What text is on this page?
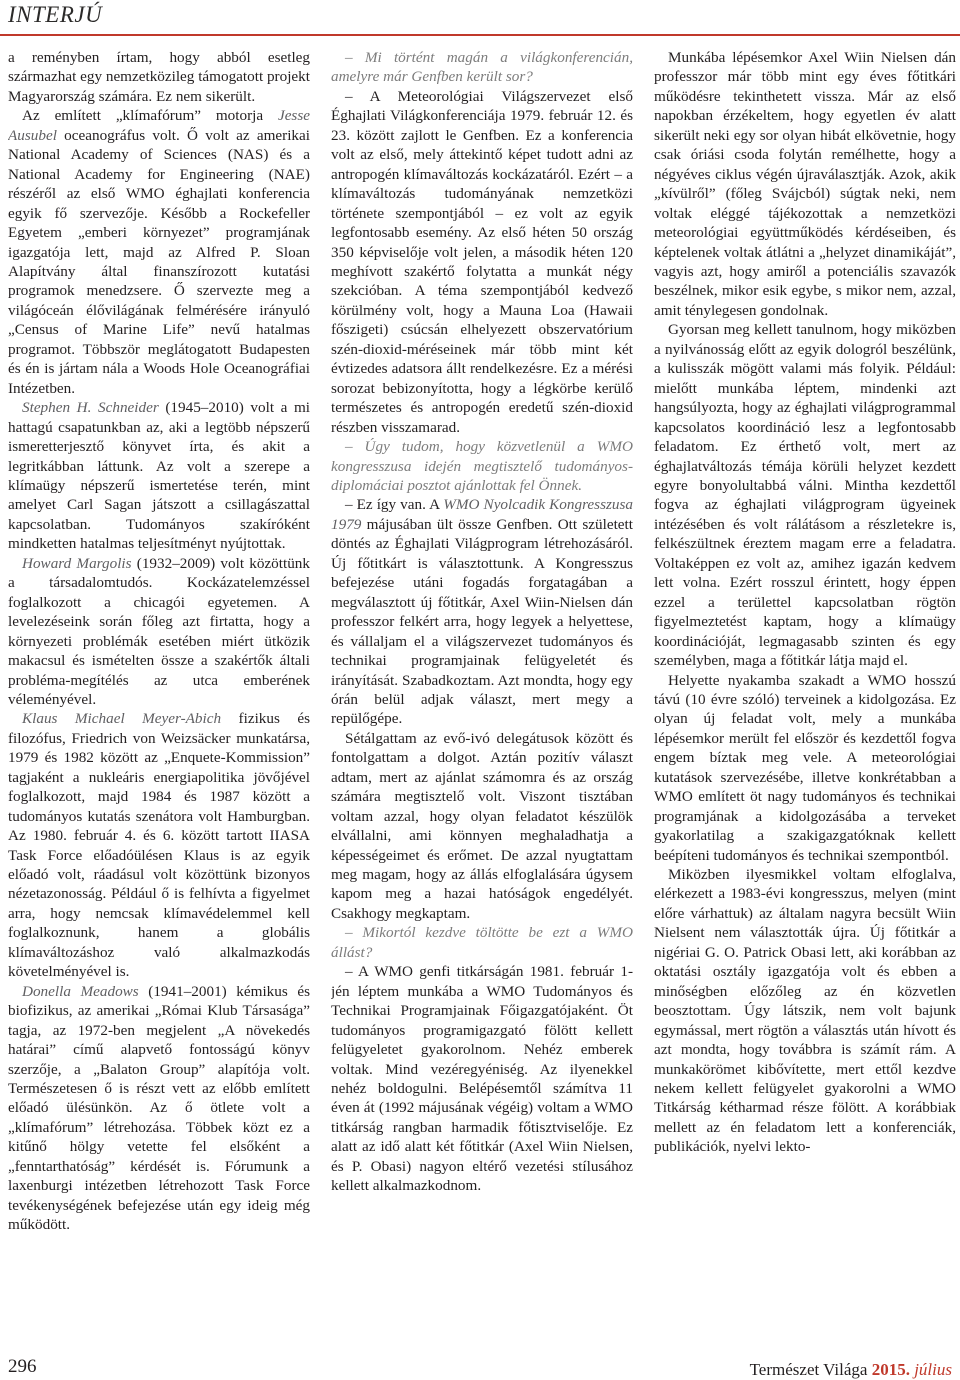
INTERJÚ

a reményben írtam, hogy abból esetleg származhat egy nemzetközileg támogatott projekt Magyarország számára. Ez nem sikerült.

Az említett „klímafórum” motorja Jesse Ausubel oceanográfus volt. Ő volt az amerikai National Academy of Sciences (NAS) és a National Academy for Engineering (NAE) részéről az első WMO éghajlati konferencia egyik fő szervezője. Később a Rockefeller Egyetem „emberi környezet” programjának igazgatója lett, majd az Alfred P. Sloan Alapítvány által finanszírozott kutatási programok menedzsere. Ő szervezte meg a világóceán élővilágának felmérésére irányuló „Census of Marine Life” nevű hatalmas programot. Többször meglátogatott Budapesten és én is jártam nála a Woods Hole Oceanográfiai Intézetben.

Stephen H. Schneider (1945–2010) volt a mi hattagú csapatunkban az, aki a legtöbb népszerű ismeretterjesztő könyvet írta, és akit a legritkábban láttunk. Az volt a szerepe a klímaügy népszerű ismertetése terén, mint amelyet Carl Sagan játszott a csillagászattal kapcsolatban. Tudományos szakíróként mindketten hatalmas teljesítményt nyújtottak.

Howard Margolis (1932–2009) volt közöttünk a társadalomtudós. Kockázatelemzéssel foglalkozott a chicagói egyetemen. A levelezéseink során főleg azt firtatta, hogy a környezeti problémák esetében miért ütközik makacsul és ismételten össze a szakértők általi probléma-megítélés az utca emberének véleményével.

Klaus Michael Meyer-Abich fizikus és filozófus, Friedrich von Weizsäcker munkatársa, 1979 és 1982 között az „Enquete-Kommission” tagjaként a nukleáris energiapolitika jövőjével foglalkozott, majd 1984 és 1987 között a tudományos kutatás szenátora volt Hamburgban. Az 1980. február 4. és 6. között tartott IIASA Task Force előadóülésen Klaus is az egyik előadó volt, ráadásul volt közöttünk bizonyos nézetazonosság. Például ő is felhívta a figyelmet arra, hogy nemcsak klímavédelemmel kell foglalkoznunk, hanem a globális klímaváltozáshoz való alkalmazkodás követelményével is.

Donella Meadows (1941–2001) kémikus és biofizikus, az amerikai „Római Klub Társasága” tagja, az 1972-ben megjelent „A növekedés határai” című alapvető fontosságú könyv szerzője, a „Balaton Group” alapítója volt. Természetesen ő is részt vett az előbb említett előadó ülésünkön. Az ő ötlete volt a „klímafórum” létrehozása. Többek közt ez a kitűnő hölgy vetette fel elsőként a „fenntarthatóság” kérdését is. Fórumunk a laxenburgi intézetben létrehozott Task Force tevékenységének befejezése után egy ideig még működött.

– Mi történt magán a világkonferencián, amelyre már Genfben került sor?

– A Meteorológiai Világszervezet első Éghajlati Világkonferenciája 1979. február 12. és 23. között zajlott le Genfben. Ez a konferencia volt az első, mely áttekintő képet tudott adni az antropogén klímaváltozás kockázatáról. Ezért – a klímaváltozás tudományának nemzetközi története szempontjából – ez volt az egyik legfontosabb esemény. Az első héten 50 ország 350 képviselője volt jelen, a második héten 120 meghívott szakértő folytatta a munkát négy szekcióban. A téma szempontjából kedvező körülmény volt, hogy a Mauna Loa (Hawaii főszigeti) csúcsán elhelyezett obszervatórium szén-dioxid-méréseinek már több mint két évtizedes adatsora állt rendelkezésre. Ez a mérési sorozat bebizonyította, hogy a légkörbe kerülő természetes és antropogén eredetű szén-dioxid részben visszamarad.

– Úgy tudom, hogy közvetlenül a WMO kongresszusa idején megtisztelő tudományos-diplomáciai posztot ajánlottak fel Önnek.

– Ez így van. A WMO Nyolcadik Kongresszusa 1979 májusában ült össze Genfben. Ott született döntés az Éghajlati Világprogram létrehozásáról. Új főtitkárt is választottunk. A Kongresszus befejezése utáni fogadás forgatagában a megválasztott új főtitkár, Axel Wiin-Nielsen dán professzor felkért arra, hogy legyek a helyettese, és vállaljam el a világszervezet tudományos és technikai programjainak felügyeletét és irányítását. Szabadkoztam. Azt mondta, hogy egy órán belül adjak választ, mert megy a repülőgépe.

Sétálgattam az evő-ivó delegátusok között és fontolgattam a dolgot. Aztán pozitív választ adtam, mert az ajánlat számomra és az ország számára megtisztelő volt. Viszont tisztában voltam azzal, hogy olyan feladatot készülök elvállalni, ami könnyen meghaladhatja a képességeimet és erőmet. De azzal nyugtattam meg magam, hogy az állás elfoglalására úgysem kapom meg a hazai hatóságok engedélyét. Csakhogy megkaptam.

– Mikortól kezdve töltötte be ezt a WMO állást?

– A WMO genfi titkárságán 1981. február 1-jén léptem munkába a WMO Tudományos és Technikai Programjainak Főigazgatójaként. Öt tudományos programigazgató fölött kellett felügyeletet gyakorolnom. Nehéz emberek voltak. Mind vezéregyéniség. Az ilyenekkel nehéz boldogulni. Belépésemtől számítva 11 éven át (1992 májusának végéig) voltam a WMO titkárság rangban harmadik főtisztviselője. Ez alatt az idő alatt két főtitkár (Axel Wiin Nielsen, és P. Obasi) nagyon eltérő vezetési stílusához kellett alkalmazkodnom.

Munkába lépésemkor Axel Wiin Nielsen dán professzor már több mint egy éves főtitkári működésre tekinthetett vissza. Már az első napokban érzékeltem, hogy egyetlen év alatt sikerült neki egy sor olyan hibát elkövetnie, hogy csak óriási csoda folytán remélhette, hogy a négyéves ciklus végén újraválasztják. Azok, akik „kívülről” (főleg Svájcból) súgtak neki, nem voltak eléggé tájékozottak a nemzetközi meteorológiai együttműködés kérdéseiben, és képtelenek voltak átlátni a „helyzet dinamikáját”, vagyis azt, hogy amiről a potenciális szavazók beszélnek, mikor esik egybe, s mikor nem, azzal, amit ténylegesen gondolnak.

Gyorsan meg kellett tanulnom, hogy miközben a nyilvánosság előtt az egyik dologról beszélünk, a kulisszák mögött valami más folyik. Például: mielőtt munkába léptem, mindenki azt hangsúlyozta, hogy az éghajlati világprogrammal kapcsolatos koordináció lesz a legfontosabb feladatom. Ez érthető volt, mert az éghajlatváltozás témája körüli helyzet kezdett egyre bonyolultabbá válni. Mintha kezdettől fogva az éghajlati világprogram ügyeinek intézésében és volt rálátásom a részletekre is, felkészültnek éreztem magam erre a feladatra. Voltaképpen ez volt az, amihez igazán kedvem lett volna. Ezért rosszul érintett, hogy éppen ezzel a területtel kapcsolatban rögtön figyelmeztetést kaptam, hogy a klímaügy koordinációját, legmagasabb szinten és egy személyben, maga a főtitkár látja majd el.

Helyette nyakamba szakadt a WMO hosszú távú (10 évre szóló) terveinek a kidolgozása. Ez olyan új feladat volt, mely a munkába lépésemkor merült fel először és kezdettől fogva engem bíztak meg vele. A meteorológiai kutatások szervezésébe, illetve konkrétabban a WMO említett öt nagy tudományos és technikai programjának a kidolgozásába a terveket gyakorlatilag a szakigazgatóknak kellett beépíteni tudományos és technikai szempontból.

Miközben ilyesmikkel voltam elfoglalva, elérkezett a 1983-évi kongresszus, melyen (mint előre várhattuk) az általam nagyra becsült Wiin Nielsent nem választották újra. Új főtitkár a nigériai G. O. Patrick Obasi lett, aki korábban az oktatási osztály igazgatója volt és ebben a minőségben előzőleg az én közvetlen beosztottam. Úgy látszik, nem volt bajunk egymással, mert rögtön a választás után hívott és azt mondta, hogy továbbra is számít rám. A munkakörömet kibővítette, mert ettől kezdve nekem kellett felügyelet gyakorolni a WMO Titkárság kétharmad része fölött. A korábbiak mellett az én feladatom lett a konferenciák, publikációk, nyelvi lekto-

296	Természet Világa 2015. július
